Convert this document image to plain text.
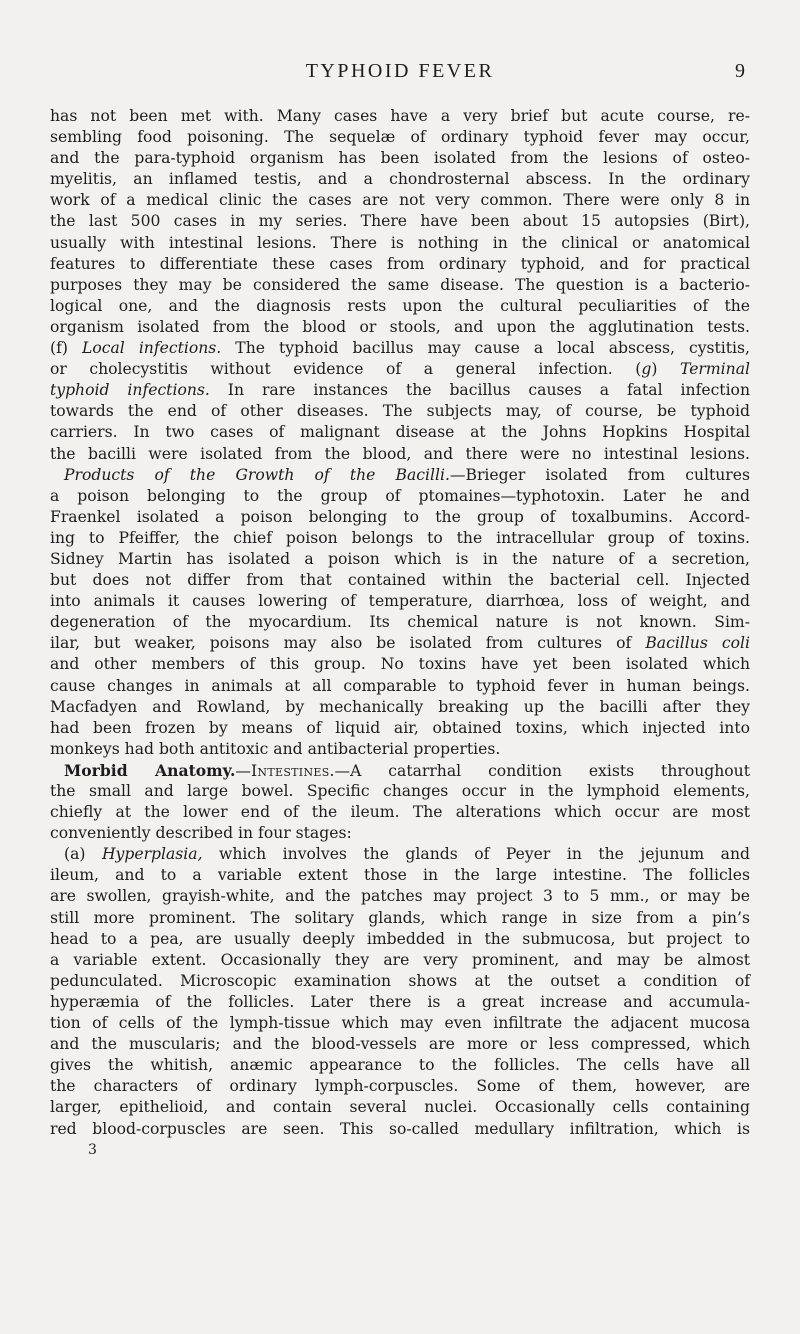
TYPHOID FEVER	9
has not been met with. Many cases have a very brief but acute course, re-
sembling food poisoning. The sequelæ of ordinary typhoid fever may occur,
and the para-typhoid organism has been isolated from the lesions of osteo-
myelitis, an inflamed testis, and a chondrosternal abscess. In the ordinary
work of a medical clinic the cases are not very common. There were only 8 in
the last 500 cases in my series. There have been about 15 autopsies (Birt),
usually with intestinal lesions. There is nothing in the clinical or anatomical
features to differentiate these cases from ordinary typhoid, and for practical
purposes they may be considered the same disease. The question is a bacterio-
logical one, and the diagnosis rests upon the cultural peculiarities of the
organism isolated from the blood or stools, and upon the agglutination tests.
(f) Local infections. The typhoid bacillus may cause a local abscess, cystitis,
or cholecystitis without evidence of a general infection. (g) Terminal
typhoid infections. In rare instances the bacillus causes a fatal infection
towards the end of other diseases. The subjects may, of course, be typhoid
carriers. In two cases of malignant disease at the Johns Hopkins Hospital
the bacilli were isolated from the blood, and there were no intestinal lesions.
Products of the Growth of the Bacilli.—Brieger isolated from cultures
a poison belonging to the group of ptomaines—typhotoxin. Later he and
Fraenkel isolated a poison belonging to the group of toxalbumins. Accord-
ing to Pfeiffer, the chief poison belongs to the intracellular group of toxins.
Sidney Martin has isolated a poison which is in the nature of a secretion,
but does not differ from that contained within the bacterial cell. Injected
into animals it causes lowering of temperature, diarrhœa, loss of weight, and
degeneration of the myocardium. Its chemical nature is not known. Sim-
ilar, but weaker, poisons may also be isolated from cultures of Bacillus coli
and other members of this group. No toxins have yet been isolated which
cause changes in animals at all comparable to typhoid fever in human beings.
Macfadyen and Rowland, by mechanically breaking up the bacilli after they
had been frozen by means of liquid air, obtained toxins, which injected into
monkeys had both antitoxic and antibacterial properties.
Morbid Anatomy.—Intestines.—A catarrhal condition exists throughout
the small and large bowel. Specific changes occur in the lymphoid elements,
chiefly at the lower end of the ileum. The alterations which occur are most
conveniently described in four stages:
(a) Hyperplasia, which involves the glands of Peyer in the jejunum and
ileum, and to a variable extent those in the large intestine. The follicles
are swollen, grayish-white, and the patches may project 3 to 5 mm., or may be
still more prominent. The solitary glands, which range in size from a pin’s
head to a pea, are usually deeply imbedded in the submucosa, but project to
a variable extent. Occasionally they are very prominent, and may be almost
pedunculated. Microscopic examination shows at the outset a condition of
hyperæmia of the follicles. Later there is a great increase and accumula-
tion of cells of the lymph-tissue which may even infiltrate the adjacent mucosa
and the muscularis; and the blood-vessels are more or less compressed, which
gives the whitish, anæmic appearance to the follicles. The cells have all
the characters of ordinary lymph-corpuscles. Some of them, however, are
larger, epithelioid, and contain several nuclei. Occasionally cells containing
red blood-corpuscles are seen. This so-called medullary infiltration, which is
3
